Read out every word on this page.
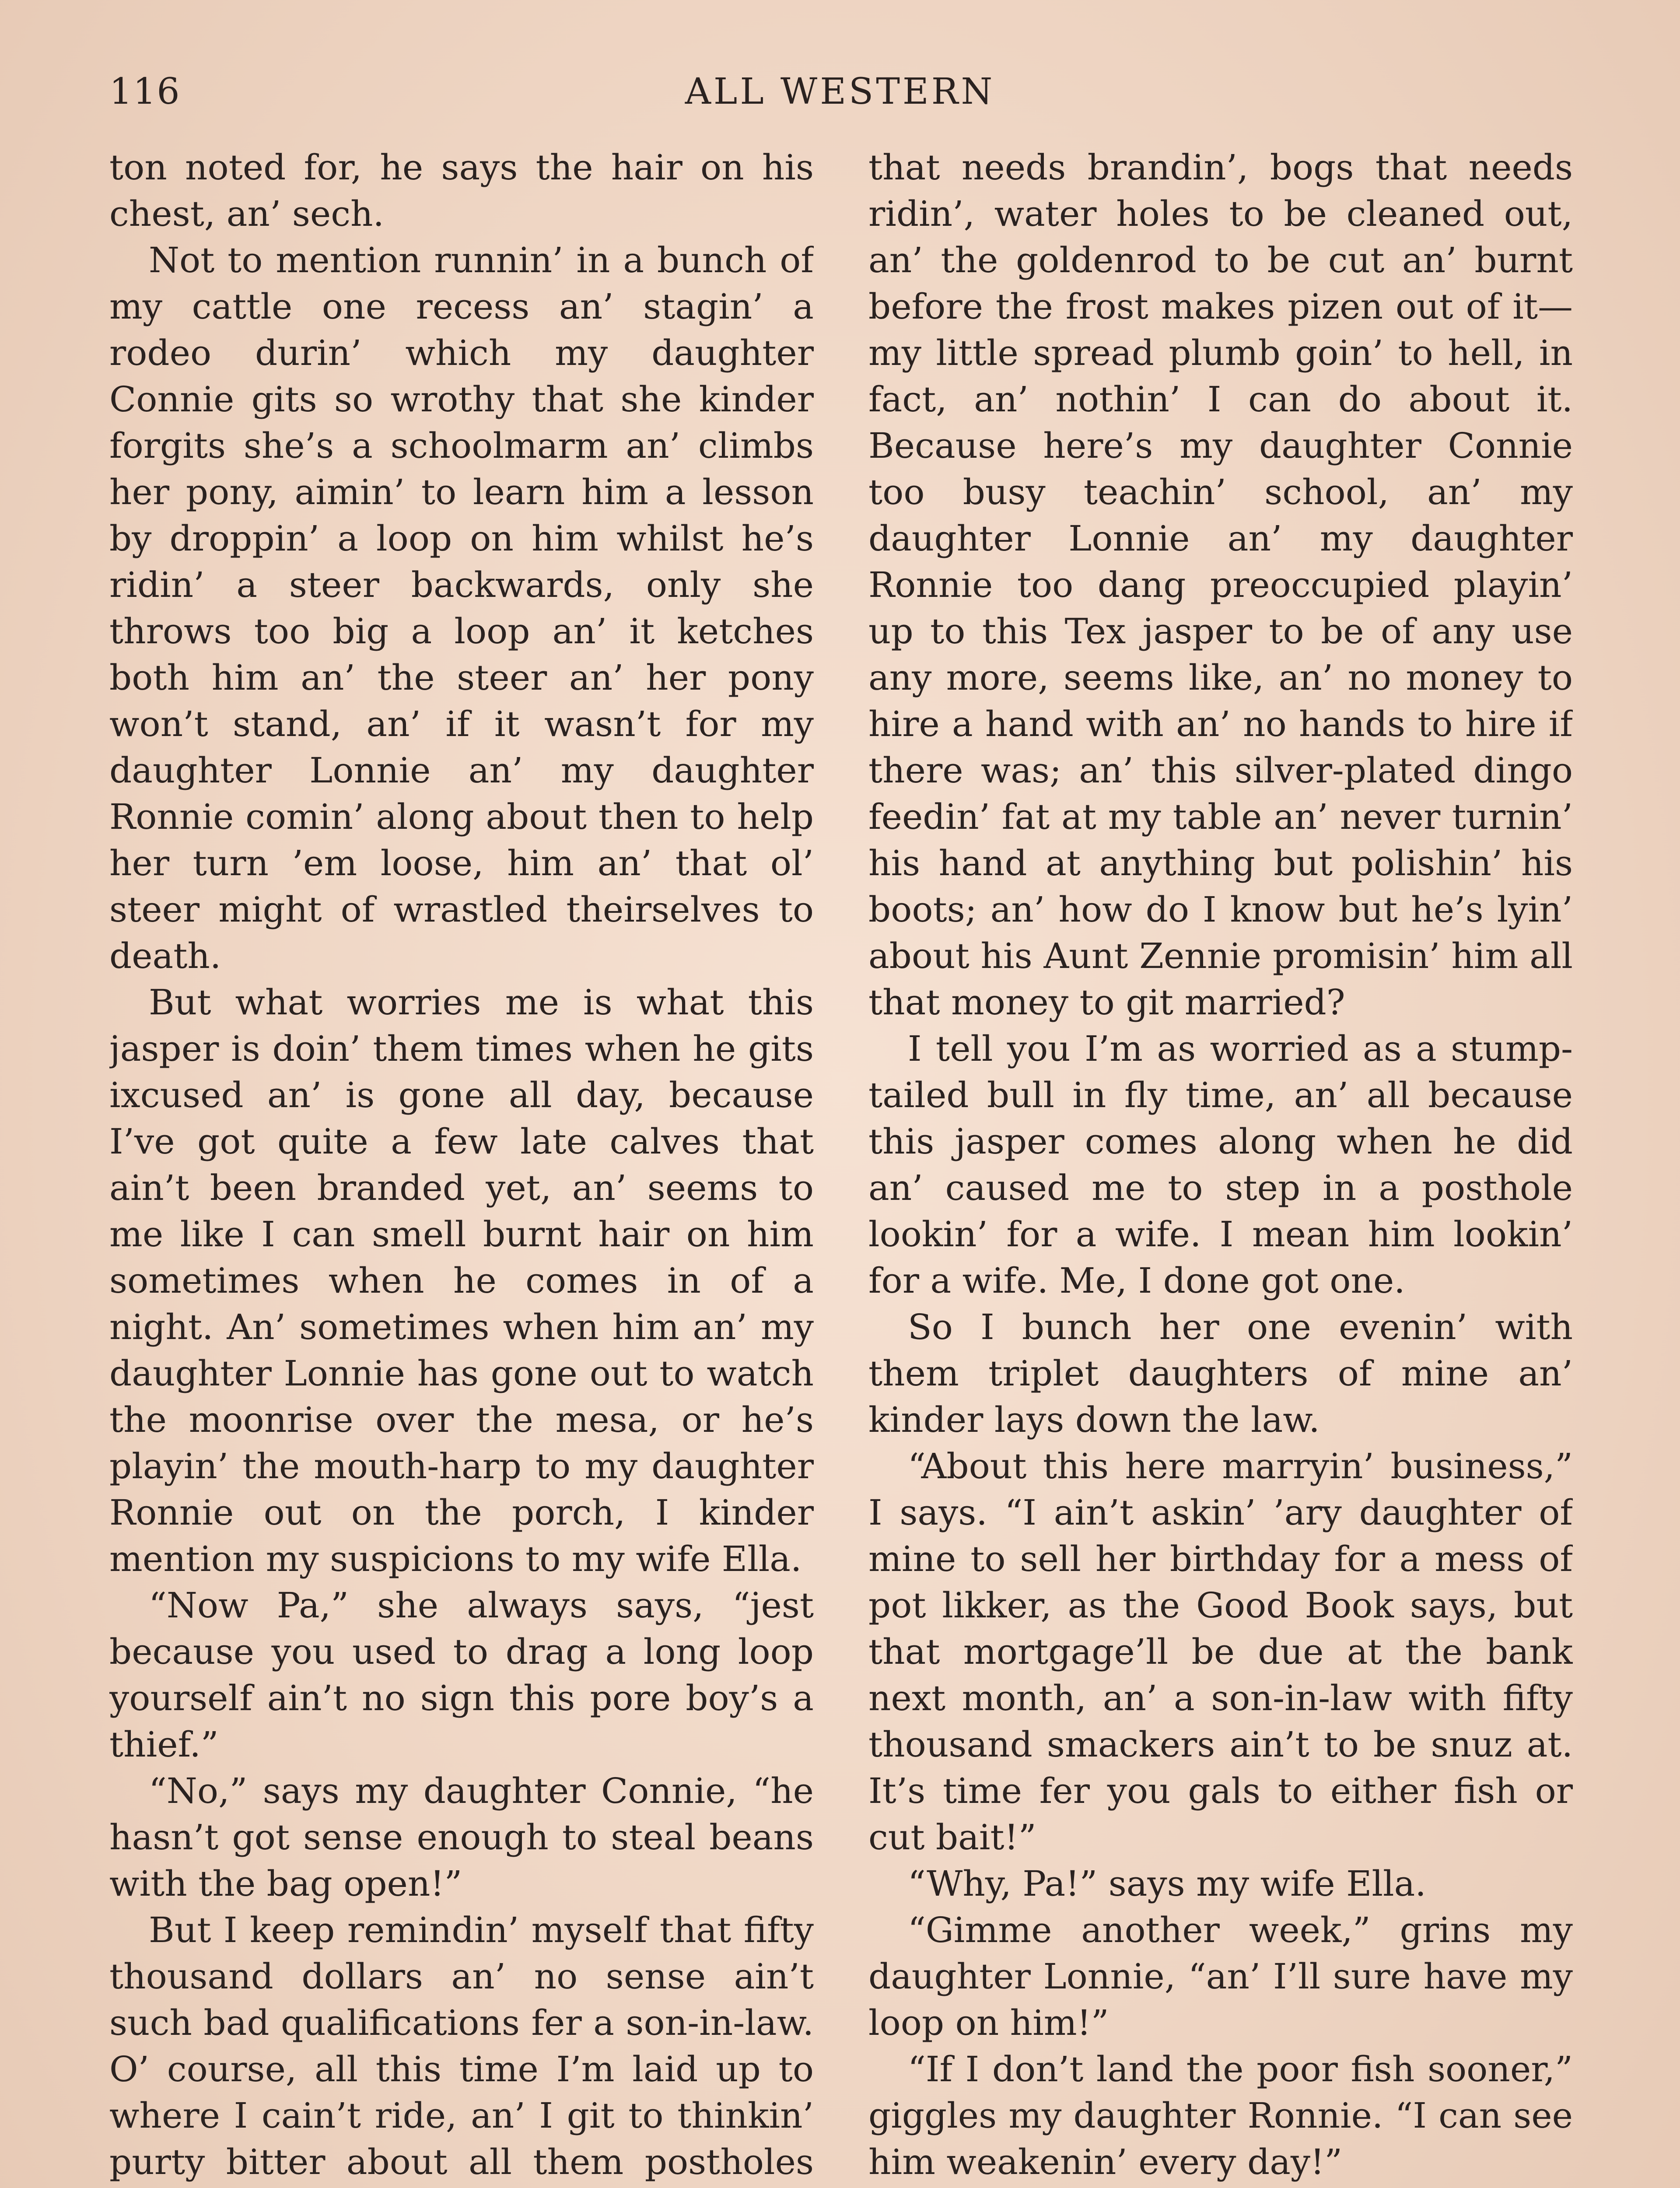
116	ALL WESTERN

ton noted for, he says the hair on his chest, an’ sech.

Not to mention runnin’ in a bunch of my cattle one recess an’ stagin’ a rodeo durin’ which my daughter Connie gits so wrothy that she kinder forgits she’s a schoolmarm an’ climbs her pony, aimin’ to learn him a lesson by droppin’ a loop on him whilst he’s ridin’ a steer backwards, only she throws too big a loop an’ it ketches both him an’ the steer an’ her pony won’t stand, an’ if it wasn’t for my daughter Lonnie an’ my daughter Ronnie comin’ along about then to help her turn ’em loose, him an’ that ol’ steer might of wrastled theirselves to death.

But what worries me is what this jasper is doin’ them times when he gits ixcused an’ is gone all day, because I’ve got quite a few late calves that ain’t been branded yet, an’ seems to me like I can smell burnt hair on him sometimes when he comes in of a night. An’ sometimes when him an’ my daughter Lonnie has gone out to watch the moonrise over the mesa, or he’s playin’ the mouth-harp to my daughter Ronnie out on the porch, I kinder mention my suspicions to my wife Ella.

“Now Pa,” she always says, “jest because you used to drag a long loop yourself ain’t no sign this pore boy’s a thief.”

“No,” says my daughter Connie, “he hasn’t got sense enough to steal beans with the bag open!”

But I keep remindin’ myself that fifty thousand dollars an’ no sense ain’t such bad qualifications fer a son-in-law. O’ course, all this time I’m laid up to where I cain’t ride, an’ I git to thinkin’ purty bitter about all them postholes

that needs brandin’, bogs that needs ridin’, water holes to be cleaned out, an’ the goldenrod to be cut an’ burnt before the frost makes pizen out of it—my little spread plumb goin’ to hell, in fact, an’ nothin’ I can do about it. Because here’s my daughter Connie too busy teachin’ school, an’ my daughter Lonnie an’ my daughter Ronnie too dang preoccupied playin’ up to this Tex jasper to be of any use any more, seems like, an’ no money to hire a hand with an’ no hands to hire if there was; an’ this silver-plated dingo feedin’ fat at my table an’ never turnin’ his hand at anything but polishin’ his boots; an’ how do I know but he’s lyin’ about his Aunt Zennie promisin’ him all that money to git married?

I tell you I’m as worried as a stump-tailed bull in fly time, an’ all because this jasper comes along when he did an’ caused me to step in a posthole lookin’ for a wife. I mean him lookin’ for a wife. Me, I done got one.

So I bunch her one evenin’ with them triplet daughters of mine an’ kinder lays down the law.

“About this here marryin’ business,” I says. “I ain’t askin’ ’ary daughter of mine to sell her birthday for a mess of pot likker, as the Good Book says, but that mortgage’ll be due at the bank next month, an’ a son-in-law with fifty thousand smackers ain’t to be snuz at. It’s time fer you gals to either fish or cut bait!”

“Why, Pa!” says my wife Ella.

“Gimme another week,” grins my daughter Lonnie, “an’ I’ll sure have my loop on him!”

“If I don’t land the poor fish sooner,” giggles my daughter Ronnie. “I can see him weakenin’ every day!”
